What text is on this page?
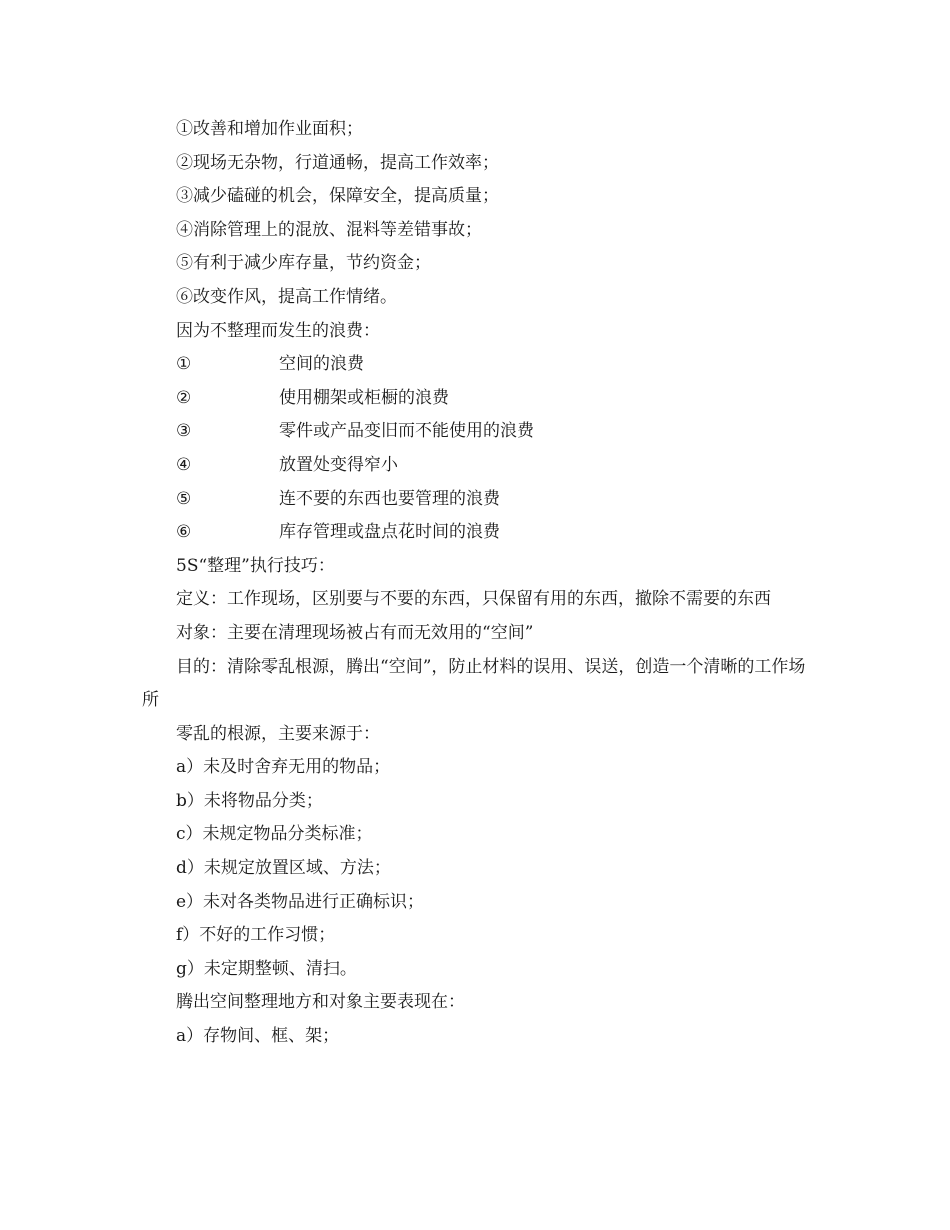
①改善和增加作业面积；
②现场无杂物，行道通畅，提高工作效率；
③减少磕碰的机会，保障安全，提高质量；
④消除管理上的混放、混料等差错事故；
⑤有利于减少库存量，节约资金；
⑥改变作风，提高工作情绪。
因为不整理而发生的浪费：
①	空间的浪费
②	使用棚架或柜橱的浪费
③	零件或产品变旧而不能使用的浪费
④	放置处变得窄小
⑤	连不要的东西也要管理的浪费
⑥	库存管理或盘点花时间的浪费
5S“整理”执行技巧：
定义：工作现场，区别要与不要的东西，只保留有用的东西，撤除不需要的东西
对象：主要在清理现场被占有而无效用的“空间”
目的：清除零乱根源，腾出“空间”，防止材料的误用、误送，创造一个清晰的工作场所
零乱的根源，主要来源于：
a）未及时舍弃无用的物品；
b）未将物品分类；
c）未规定物品分类标准；
d）未规定放置区域、方法；
e）未对各类物品进行正确标识；
f）不好的工作习惯；
g）未定期整顿、清扫。
腾出空间整理地方和对象主要表现在：
a）存物间、框、架；
